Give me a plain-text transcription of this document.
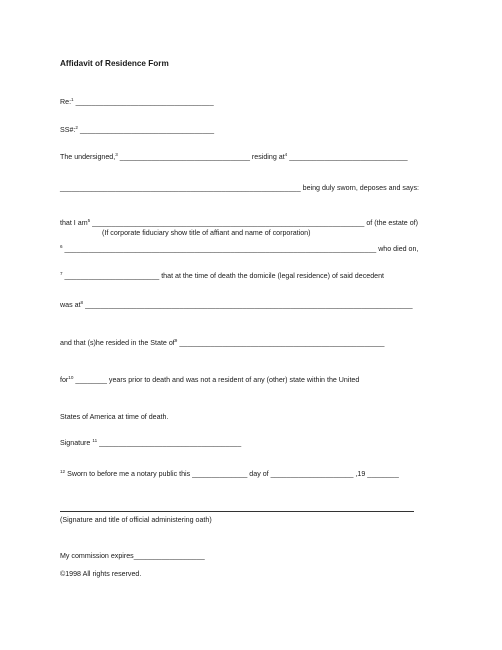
Affidavit of Residence Form
Re:$^1$ ___________________________________
SS#:$^2$ __________________________________
The undersigned,$^3$ _________________________________ residing $at^4$ ______________________________
_____________________________________________________________ being duly sworn, deposes and says:
that I $am^5$ _____________________________________________________________________ of (the estate of)
(If corporate fiduciary show title of affiant and name of corporation)
$^6$ _______________________________________________________________________________ who died on,
$^7$ ________________________ that at the time of death the domicile (legal residence) of said decedent
was $at^8$ ___________________________________________________________________________________
and that (s)he resided in the State $of^9$ ____________________________________________________
for$^{10}$ ________ years prior to death and was not a resident of any (other) state within the United
States of America at time of death.
Signature $^{11}$ ____________________________________
$^{12}$ Sworn to before me a notary public this ______________ day of _____________________ ,19 ________
(Signature and title of official administering oath)
My commission expires__________________
©1998 All rights reserved.
